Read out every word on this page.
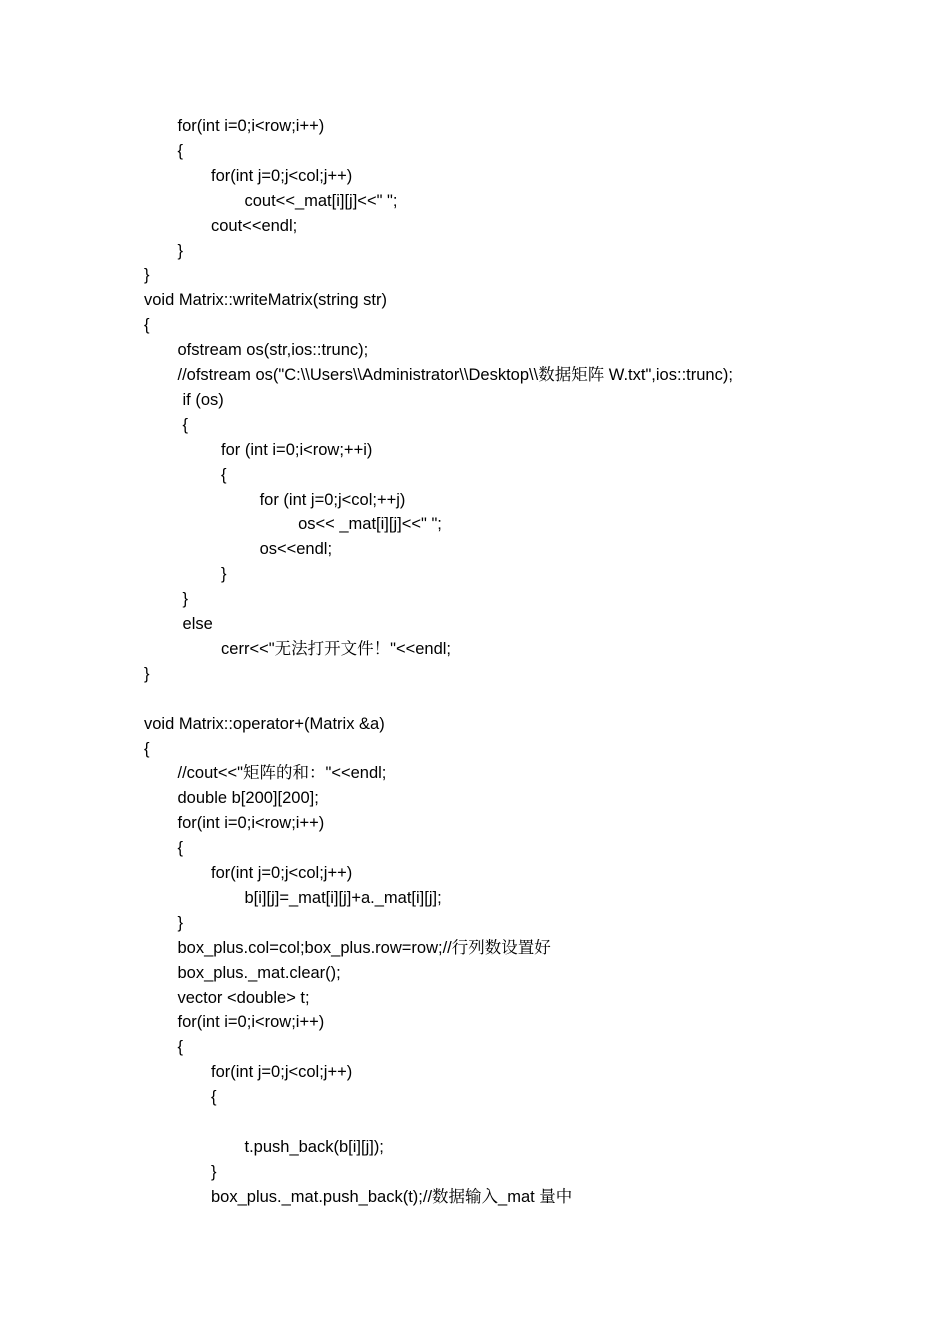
for(int i=0;i<row;i++)
{
for(int j=0;j<col;j++)
cout<<_mat[i][j]<<" ";
cout<<endl;
}
}
void Matrix::writeMatrix(string str)
{
ofstream os(str,ios::trunc);
//ofstream os("C:\\Users\\Administrator\\Desktop\\数据矩阵 W.txt",ios::trunc);
if (os)
{
for (int i=0;i<row;++i)
{
for (int j=0;j<col;++j)
os<< _mat[i][j]<<" ";
os<<endl;
}
}
else
cerr<<"无法打开文件！"<<endl;
}
void Matrix::operator+(Matrix &a)
{
//cout<<"矩阵的和："<<endl;
double b[200][200];
for(int i=0;i<row;i++)
{
for(int j=0;j<col;j++)
b[i][j]=_mat[i][j]+a._mat[i][j];
}
box_plus.col=col;box_plus.row=row;//行列数设置好
box_plus._mat.clear();
vector <double> t;
for(int i=0;i<row;i++)
{
for(int j=0;j<col;j++)
{
t.push_back(b[i][j]);
}
box_plus._mat.push_back(t);//数据输入_mat 量中
